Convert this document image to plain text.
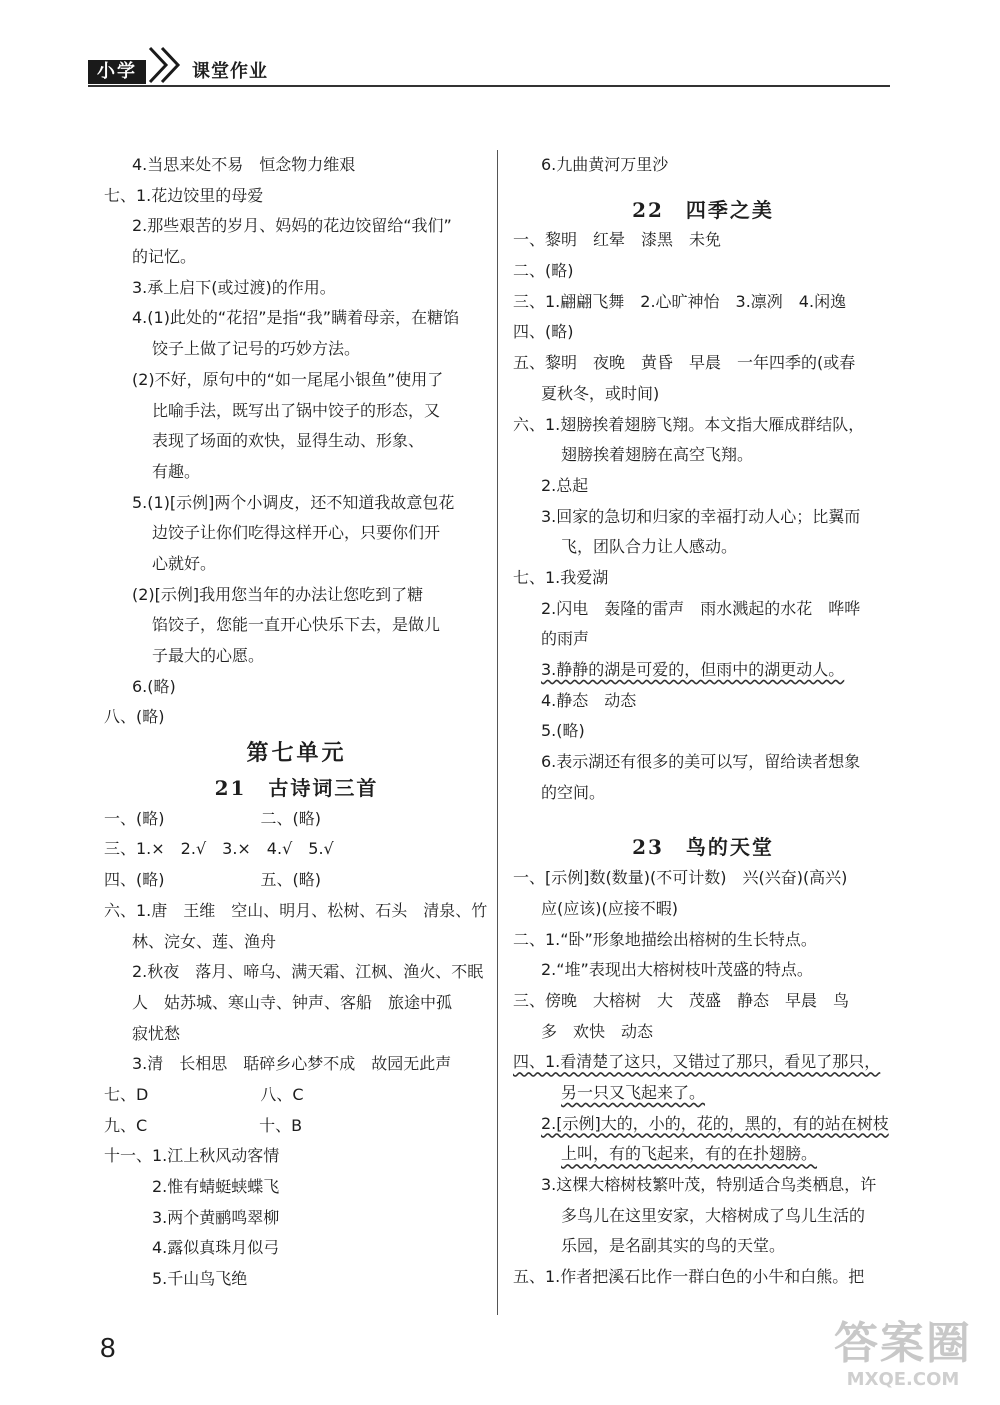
小学	课堂作业
4.当思来处不易　恒念物力维艰
七、1.花边饺里的母爱
2.那些艰苦的岁月、妈妈的花边饺留给“我们”
的记忆。
3.承上启下(或过渡)的作用。
4.(1)此处的“花招”是指“我”瞒着母亲，在糖馅
饺子上做了记号的巧妙方法。
(2)不好，原句中的“如一尾尾小银鱼”使用了
比喻手法，既写出了锅中饺子的形态，又
表现了场面的欢快，显得生动、形象、
有趣。
5.(1)[示例]两个小调皮，还不知道我故意包花
边饺子让你们吃得这样开心，只要你们开
心就好。
(2)[示例]我用您当年的办法让您吃到了糖
馅饺子，您能一直开心快乐下去，是做儿
子最大的心愿。
6.(略)
八、(略)
第七单元
21　古诗词三首
一、(略)　　　　　　二、(略)
三、1.×　2.√　3.×　4.√　5.√
四、(略)　　　　　　五、(略)
六、1.唐　王维　空山、明月、松树、石头　清泉、竹
林、浣女、莲、渔舟
2.秋夜　落月、啼乌、满天霜、江枫、渔火、不眠
人　姑苏城、寒山寺、钟声、客船　旅途中孤
寂忧愁
3.清　长相思　聒碎乡心梦不成　故园无此声
七、D　　　　　　　八、C
九、C　　　　　　　十、B
十一、1.江上秋风动客情
2.惟有蜻蜓蛱蝶飞
3.两个黄鹂鸣翠柳
4.露似真珠月似弓
5.千山鸟飞绝
6.九曲黄河万里沙
22　四季之美
一、黎明　红晕　漆黑　未免
二、(略)
三、1.翩翩飞舞　2.心旷神怡　3.凛冽　4.闲逸
四、(略)
五、黎明　夜晚　黄昏　早晨　一年四季的(或春
夏秋冬，或时间)
六、1.翅膀挨着翅膀飞翔。本文指大雁成群结队，
翅膀挨着翅膀在高空飞翔。
2.总起
3.回家的急切和归家的幸福打动人心；比翼而
飞，团队合力让人感动。
七、1.我爱湖
2.闪电　轰隆的雷声　雨水溅起的水花　哗哗
的雨声
3.静静的湖是可爱的，但雨中的湖更动人。
4.静态　动态
5.(略)
6.表示湖还有很多的美可以写，留给读者想象
的空间。
23　鸟的天堂
一、[示例]数(数量)(不可计数)　兴(兴奋)(高兴)
应(应该)(应接不暇)
二、1.“卧”形象地描绘出榕树的生长特点。
2.“堆”表现出大榕树枝叶茂盛的特点。
三、傍晚　大榕树　大　茂盛　静态　早晨　鸟
多　欢快　动态
四、1.看清楚了这只，又错过了那只，看见了那只，
另一只又飞起来了。
2.[示例]大的，小的，花的，黑的，有的站在树枝
上叫，有的飞起来，有的在扑翅膀。
3.这棵大榕树枝繁叶茂，特别适合鸟类栖息，许
多鸟儿在这里安家，大榕树成了鸟儿生活的
乐园，是名副其实的鸟的天堂。
五、1.作者把溪石比作一群白色的小牛和白熊。把
8	答案圈
MXQE.COM
